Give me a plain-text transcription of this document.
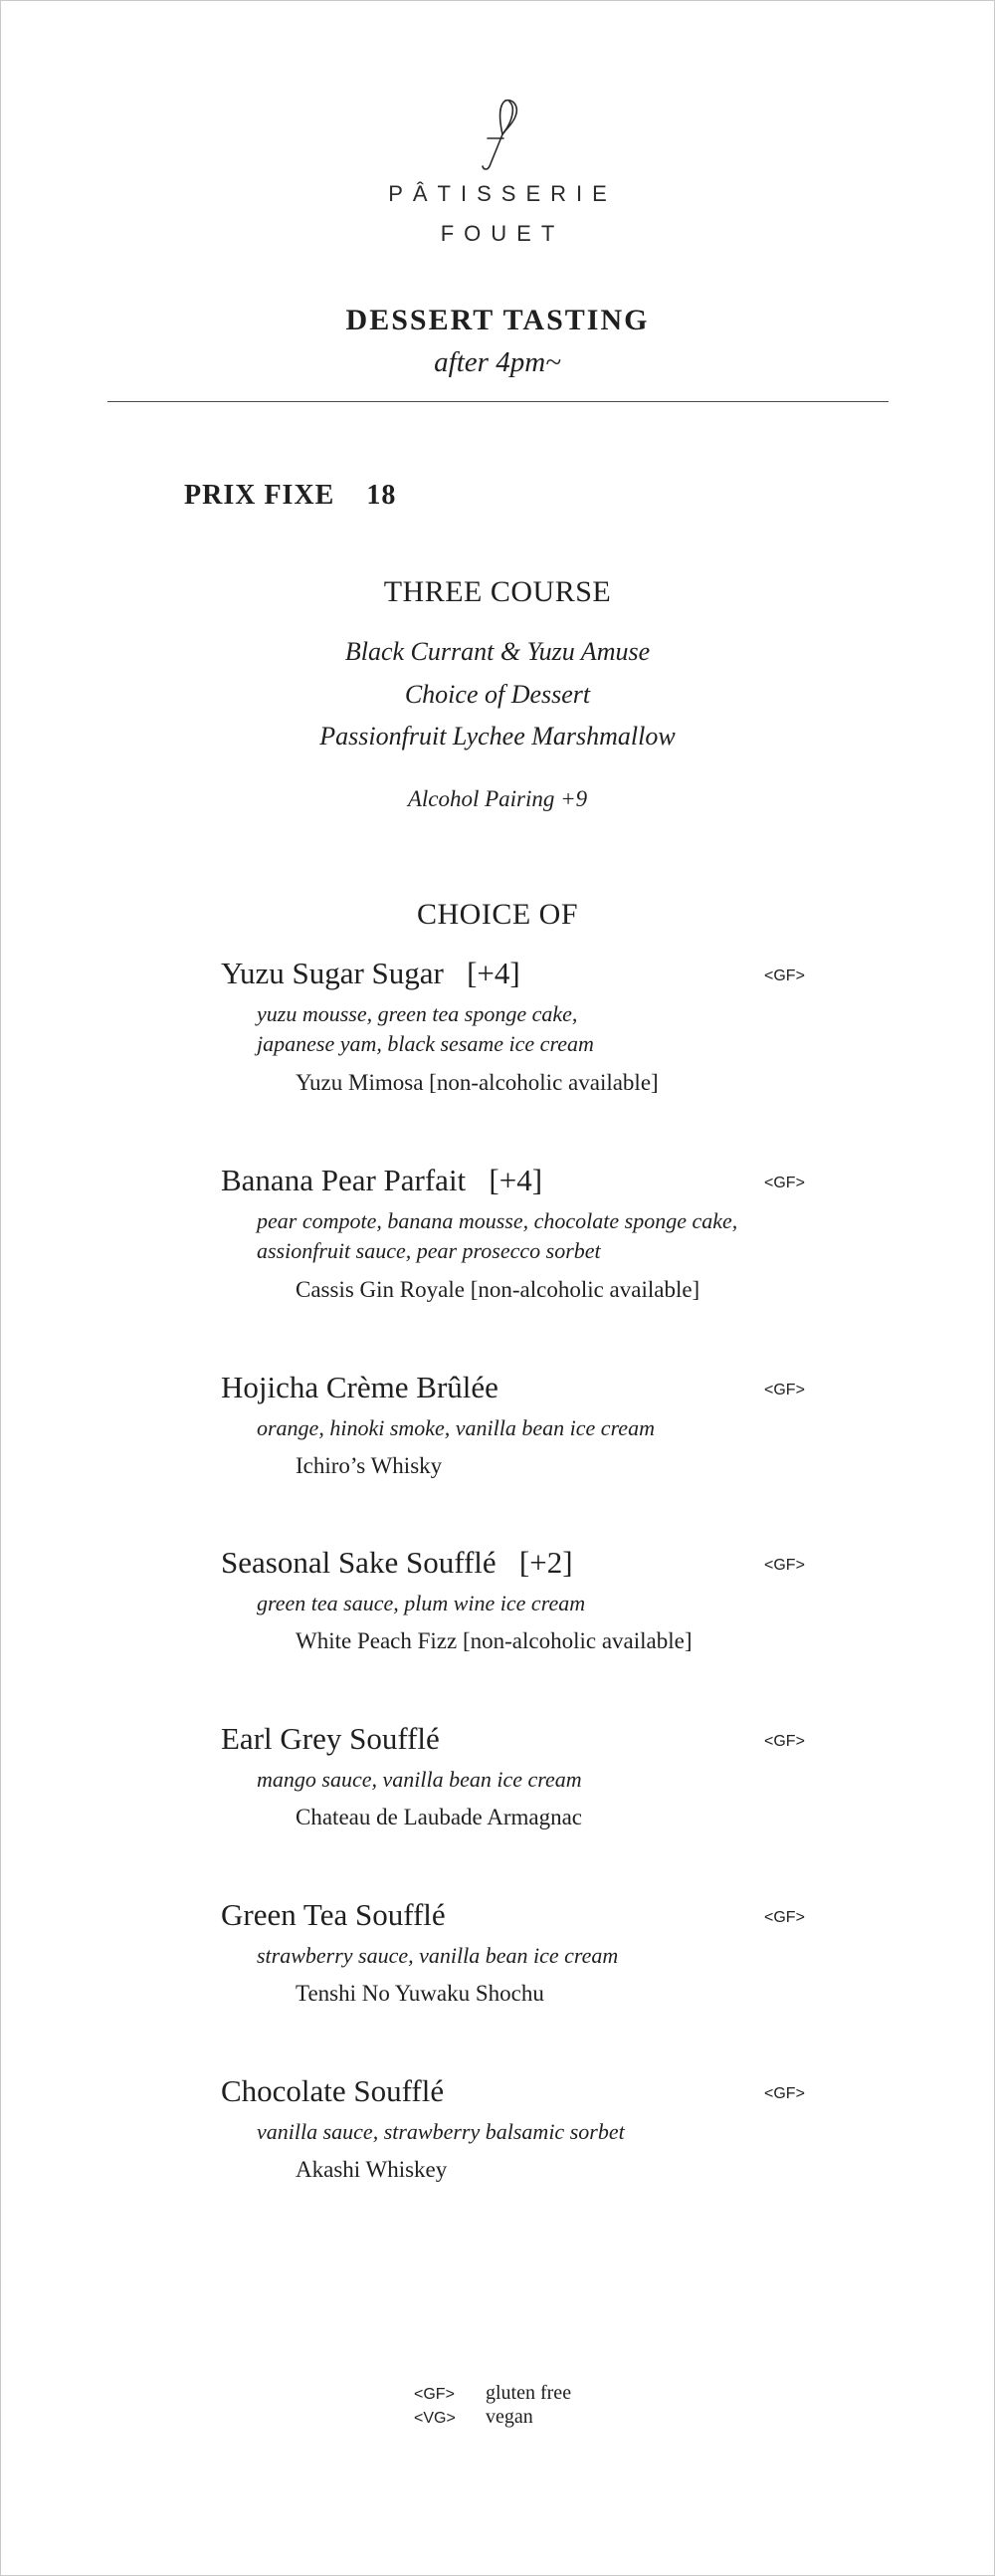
PÂTISSERIE
FOUET
DESSERT TASTING
after 4pm~
PRIX FIXE 18
THREE COURSE
Black Currant & Yuzu Amuse
Choice of Dessert
Passionfruit Lychee Marshmallow
Alcohol Pairing +9
CHOICE OF
Yuzu Sugar Sugar   [+4]	<GF>
yuzu mousse, green tea sponge cake,
japanese yam, black sesame ice cream
Yuzu Mimosa [non-alcoholic available]
Banana Pear Parfait   [+4]	<GF>
pear compote, banana mousse, chocolate sponge cake,
assionfruit sauce, pear prosecco sorbet
Cassis Gin Royale [non-alcoholic available]
Hojicha Crème Brûlée	<GF>
orange, hinoki smoke, vanilla bean ice cream
Ichiro’s Whisky
Seasonal Sake Soufflé   [+2]	<GF>
green tea sauce, plum wine ice cream
White Peach Fizz [non-alcoholic available]
Earl Grey Soufflé	<GF>
mango sauce, vanilla bean ice cream
Chateau de Laubade Armagnac
Green Tea Soufflé	<GF>
strawberry sauce, vanilla bean ice cream
Tenshi No Yuwaku Shochu
Chocolate Soufflé	<GF>
vanilla sauce, strawberry balsamic sorbet
Akashi Whiskey
<GF> gluten free
<VG> vegan
